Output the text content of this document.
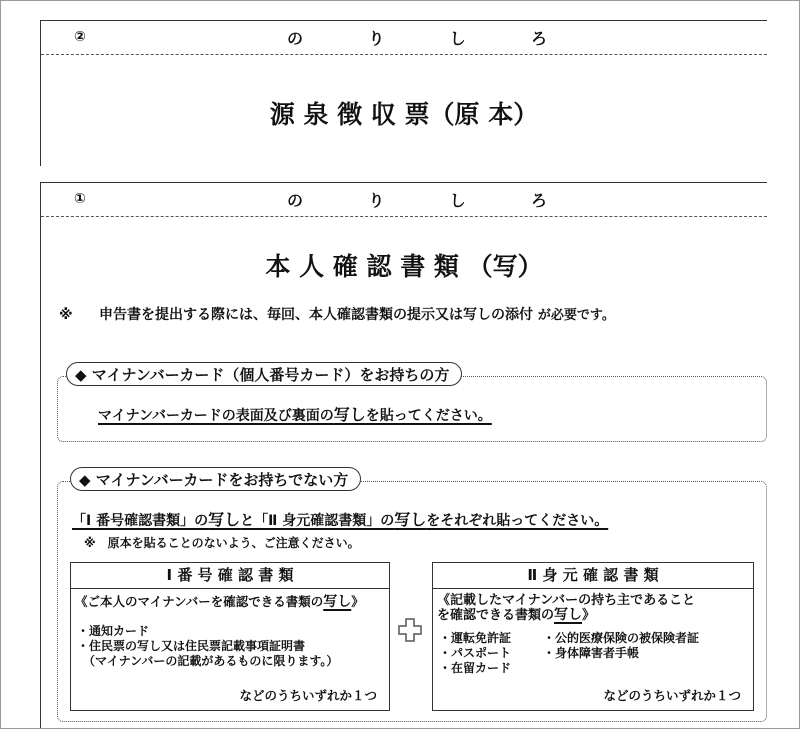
②	の	り	し	ろ
源 泉 徴 収 票（原 本）
①	の	り	し	ろ
本 人 確 認 書 類 （写）
※ 申告書を提出する際には、毎回、本人確認書類の提示又は写しの添付 が必要です。
◆ マイナンバーカード（個人番号カード）をお持ちの方
マイナンバーカードの表面及び裏面の写しを貼ってください。
◆ マイナンバーカードをお持ちでない方
「Ⅰ 番号確認書類」の写しと「Ⅱ 身元確認書類」の写しをそれぞれ貼ってください。
※　原本を貼ることのないよう、ご注意ください。
Ⅰ 番 号 確 認 書 類
《ご本人のマイナンバーを確認できる書類の写し》
・通知カード
・住民票の写し又は住民票記載事項証明書
（マイナンバーの記載があるものに限ります。）
などのうちいずれか１つ
Ⅱ 身 元 確 認 書 類
《記載したマイナンバーの持ち主であること
を確認できる書類の写し》
・運転免許証
・パスポート
・在留カード
・公的医療保険の被保険者証
・身体障害者手帳
などのうちいずれか１つ
